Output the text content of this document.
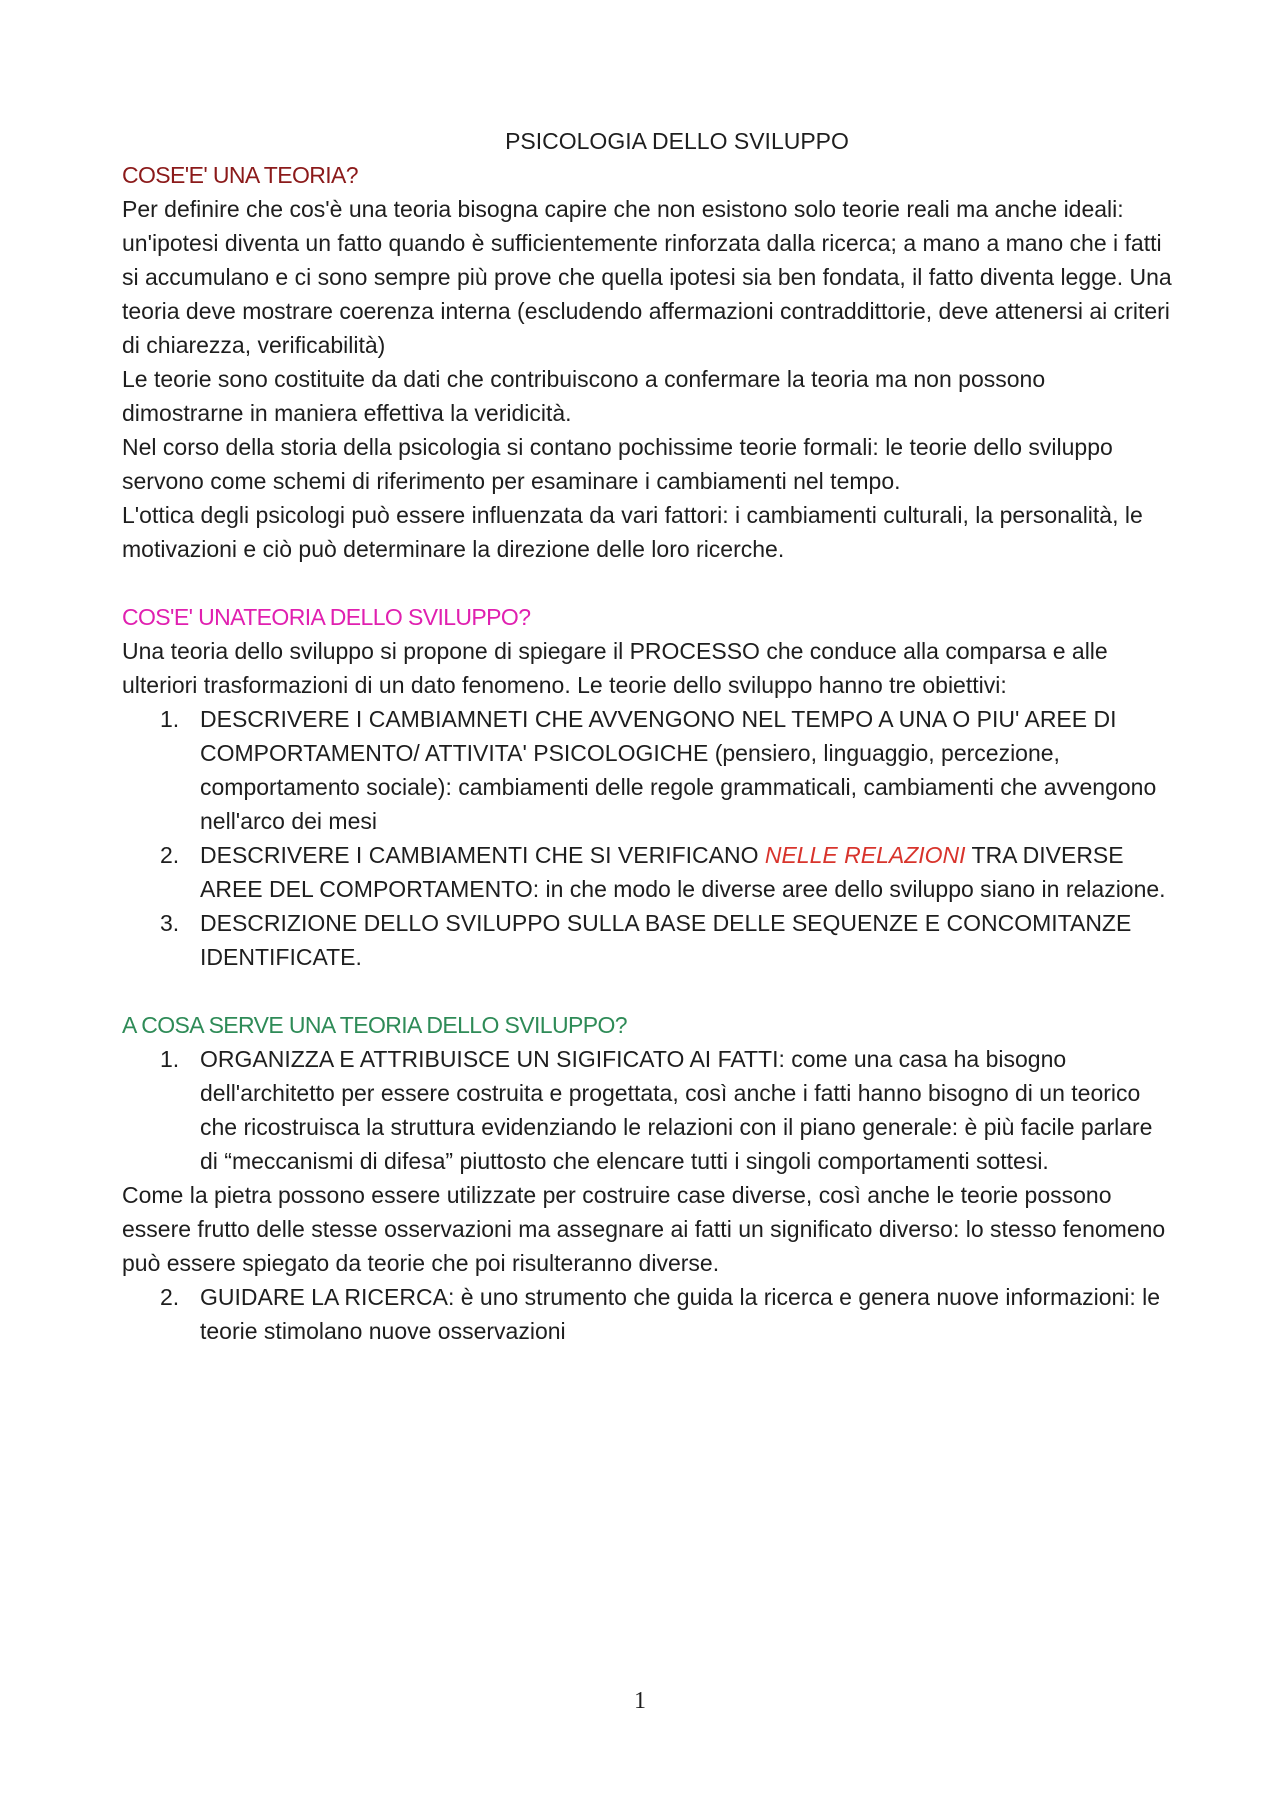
PSICOLOGIA DELLO SVILUPPO
COSE'E' UNA TEORIA?

Per definire che cos'è una teoria bisogna capire che non esistono solo teorie reali ma anche ideali: un'ipotesi diventa un fatto quando è sufficientemente rinforzata dalla ricerca; a mano a mano che i fatti si accumulano e ci sono sempre più prove che quella ipotesi sia ben fondata, il fatto diventa legge. Una teoria deve mostrare coerenza interna (escludendo affermazioni contraddittorie, deve attenersi ai criteri di chiarezza, verificabilità)

Le teorie sono costituite da dati che contribuiscono a confermare la teoria ma non possono dimostrarne in maniera effettiva la veridicità.

Nel corso della storia della psicologia si contano pochissime teorie formali: le teorie dello sviluppo servono come schemi di riferimento per esaminare i cambiamenti nel tempo.

L'ottica degli psicologi può essere influenzata da vari fattori: i cambiamenti culturali, la personalità, le motivazioni e ciò può determinare la direzione delle loro ricerche.

COS'E' UNATEORIA DELLO SVILUPPO?

Una teoria dello sviluppo si propone di spiegare il PROCESSO che conduce alla comparsa e alle ulteriori trasformazioni di un dato fenomeno. Le teorie dello sviluppo hanno tre obiettivi:

1. DESCRIVERE I CAMBIAMNETI CHE AVVENGONO NEL TEMPO A UNA O PIU' AREE DI COMPORTAMENTO/ ATTIVITA' PSICOLOGICHE (pensiero, linguaggio, percezione, comportamento sociale): cambiamenti delle regole grammaticali, cambiamenti che avvengono nell'arco dei mesi
2. DESCRIVERE I CAMBIAMENTI CHE SI VERIFICANO NELLE RELAZIONI TRA DIVERSE AREE DEL COMPORTAMENTO: in che modo le diverse aree dello sviluppo siano in relazione.
3. DESCRIZIONE DELLO SVILUPPO SULLA BASE DELLE SEQUENZE E CONCOMITANZE IDENTIFICATE.
A COSA SERVE UNA TEORIA DELLO SVILUPPO?
1. ORGANIZZA E ATTRIBUISCE UN SIGIFICATO AI FATTI: come una casa ha bisogno dell'architetto per essere costruita e progettata, così anche i fatti hanno bisogno di un teorico che ricostruisca la struttura evidenziando le relazioni con il piano generale: è più facile parlare di “meccanismi di difesa” piuttosto che elencare tutti i singoli comportamenti sottesi.

Come la pietra possono essere utilizzate per costruire case diverse, così anche le teorie possono essere frutto delle stesse osservazioni ma assegnare ai fatti un significato diverso: lo stesso fenomeno può essere spiegato da teorie che poi risulteranno diverse.

2. GUIDARE LA RICERCA: è uno strumento che guida la ricerca e genera nuove informazioni: le teorie stimolano nuove osservazioni
1
